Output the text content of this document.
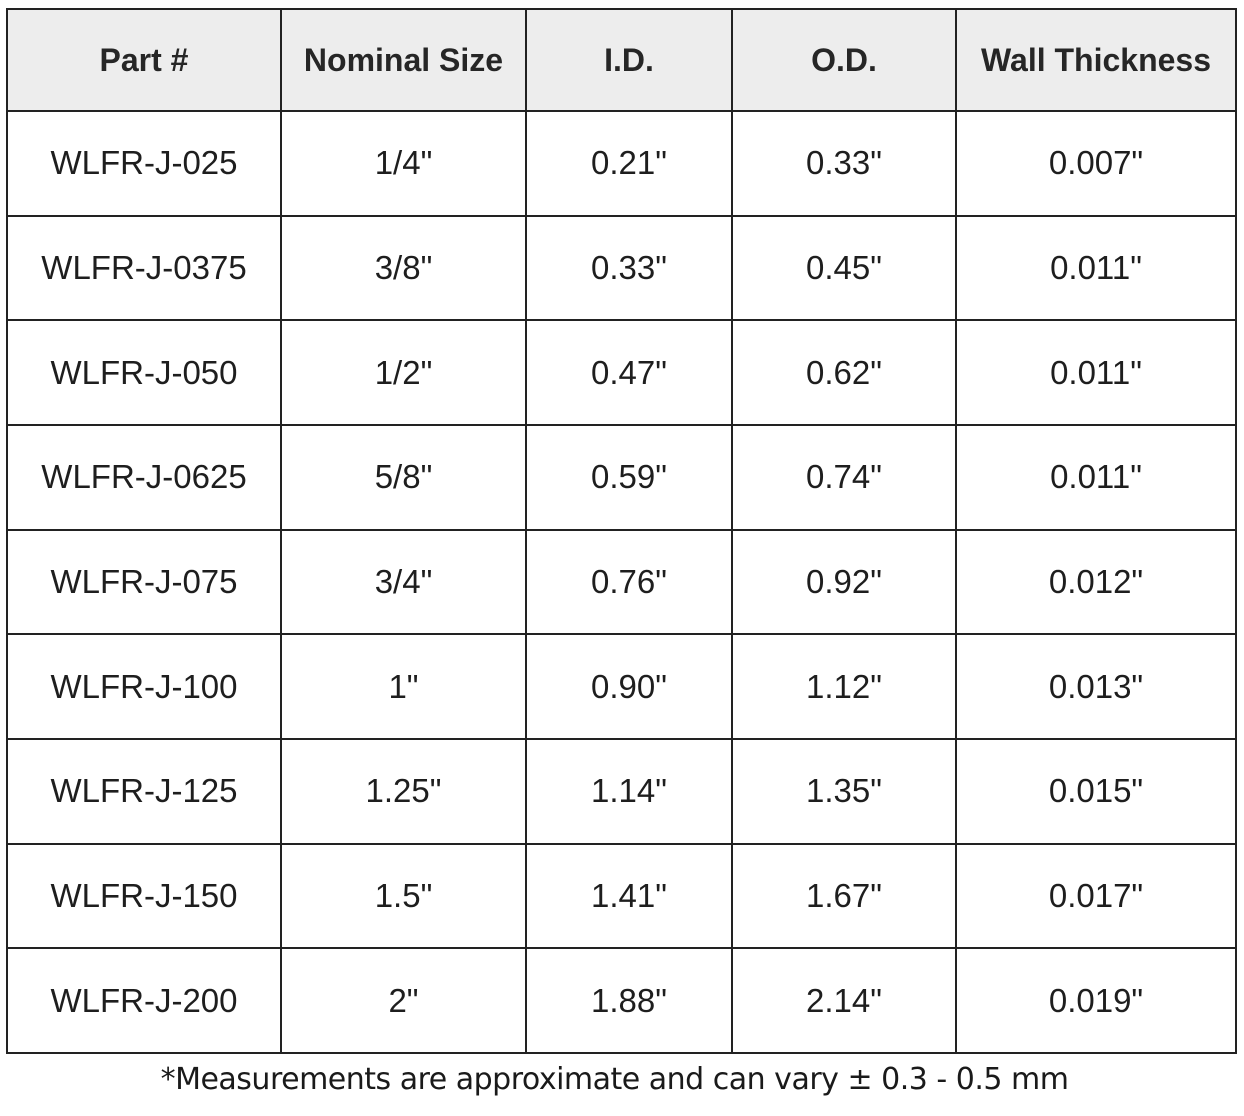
Part #	Nominal Size	I.D.	O.D.	Wall Thickness
WLFR-J-025	1/4"	0.21"	0.33"	0.007"
WLFR-J-0375	3/8"	0.33"	0.45"	0.011"
WLFR-J-050	1/2"	0.47"	0.62"	0.011"
WLFR-J-0625	5/8"	0.59"	0.74"	0.011"
WLFR-J-075	3/4"	0.76"	0.92"	0.012"
WLFR-J-100	1"	0.90"	1.12"	0.013"
WLFR-J-125	1.25"	1.14"	1.35"	0.015"
WLFR-J-150	1.5"	1.41"	1.67"	0.017"
WLFR-J-200	2"	1.88"	2.14"	0.019"
*Measurements are approximate and can vary ± 0.3 - 0.5 mm
